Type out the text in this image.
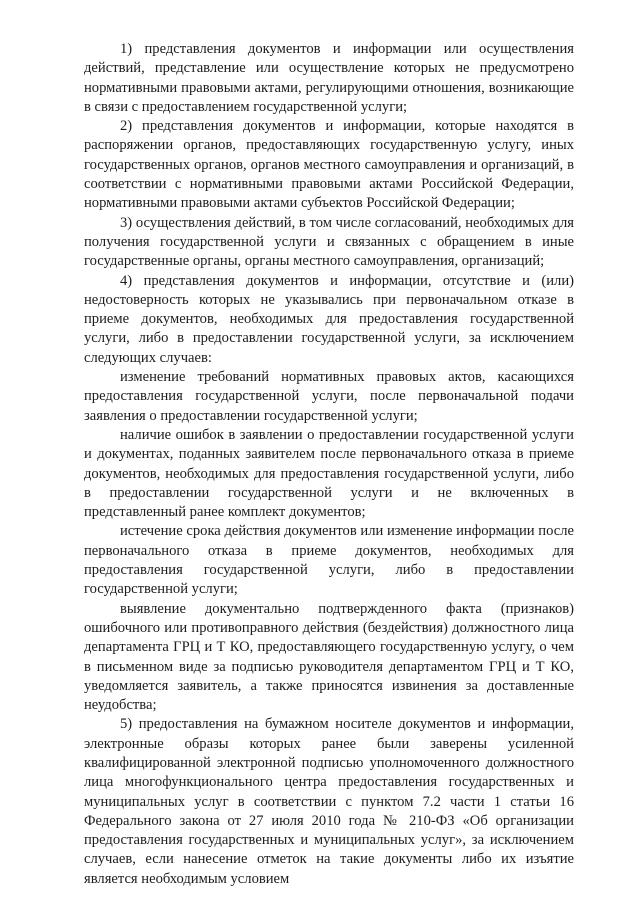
1) представления документов и информации или осуществления действий, представление или осуществление которых не предусмотрено нормативными правовыми актами, регулирующими отношения, возникающие в связи с предоставлением государственной услуги;

2) представления документов и информации, которые находятся в распоряжении органов, предоставляющих государственную услугу, иных государственных органов, органов местного самоуправления и организаций, в соответствии с нормативными правовыми актами Российской Федерации, нормативными правовыми актами субъектов Российской Федерации;

3) осуществления действий, в том числе согласований, необходимых для получения государственной услуги и связанных с обращением в иные государственные органы, органы местного самоуправления, организаций;

4) представления документов и информации, отсутствие и (или) недостоверность которых не указывались при первоначальном отказе в приеме документов, необходимых для предоставления государственной услуги, либо в предоставлении государственной услуги, за исключением следующих случаев:

изменение требований нормативных правовых актов, касающихся предоставления государственной услуги, после первоначальной подачи заявления о предоставлении государственной услуги;

наличие ошибок в заявлении о предоставлении государственной услуги и документах, поданных заявителем после первоначального отказа в приеме документов, необходимых для предоставления государственной услуги, либо в предоставлении государственной услуги и не включенных в представленный ранее комплект документов;

истечение срока действия документов или изменение информации после первоначального отказа в приеме документов, необходимых для предоставления государственной услуги, либо в предоставлении государственной услуги;

выявление документально подтвержденного факта (признаков) ошибочного или противоправного действия (бездействия) должностного лица департамента ГРЦ и Т КО, предоставляющего государственную услугу, о чем в письменном виде за подписью руководителя департаментом ГРЦ и Т КО, уведомляется заявитель, а также приносятся извинения за доставленные неудобства;

5) предоставления на бумажном носителе документов и информации, электронные образы которых ранее были заверены усиленной квалифицированной электронной подписью уполномоченного должностного лица многофункционального центра предоставления государственных и муниципальных услуг в соответствии с пунктом 7.2 части 1 статьи 16 Федерального закона от 27 июля 2010 года № 210-ФЗ «Об организации предоставления государственных и муниципальных услуг», за исключением случаев, если нанесение отметок на такие документы либо их изъятие является необходимым условием
